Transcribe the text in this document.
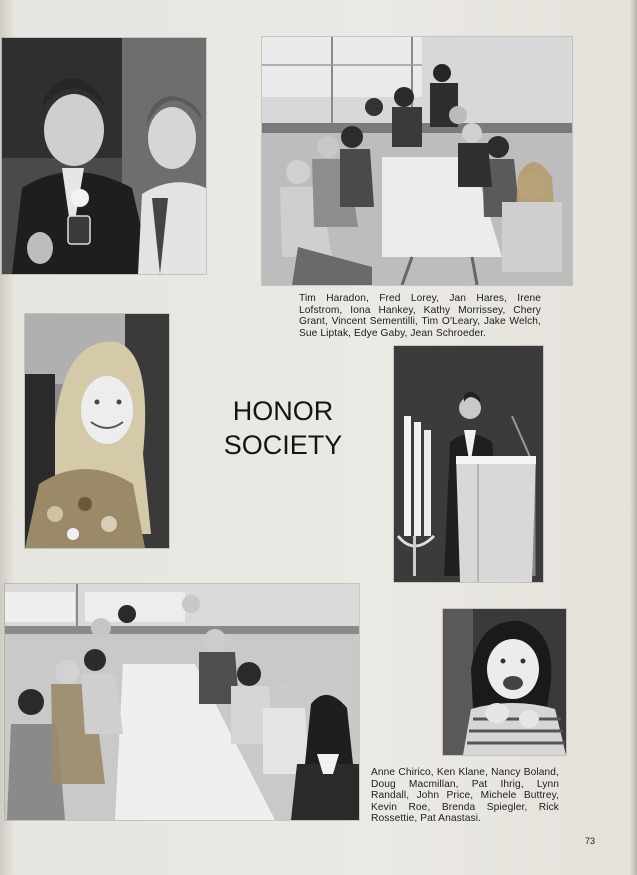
Tim Haradon, Fred Lorey, Jan Hares, Irene Lofstrom, Iona Hankey, Kathy Morrissey, Chery Grant, Vincent Sementilli, Tim O'Leary, Jake Welch, Sue Liptak, Edye Gaby, Jean Schroeder.
HONOR
SOCIETY
Anne Chirico, Ken Klane, Nancy Boland, Doug Macmillan, Pat Ihrig, Lynn Randall, John Price, Michele Buttrey, Kevin Roe, Brenda Spiegler, Rick Rossettie, Pat Anastasi.
73
